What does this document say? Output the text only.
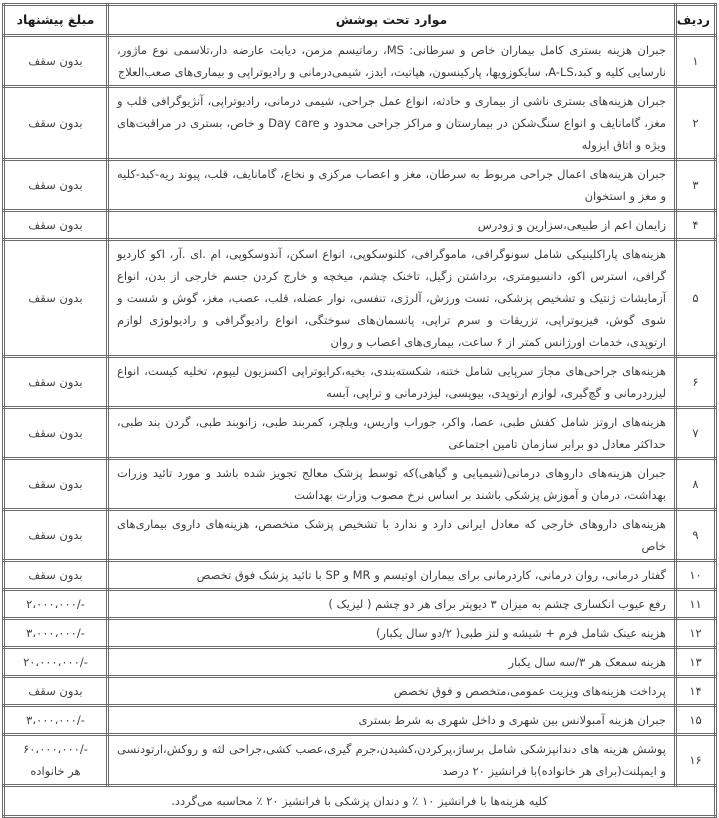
ردیف	موارد تحت پوشش	مبلغ پیشنهاد
۱	جبران هزینه بستری کامل بیماران خاص و سرطانی: MS، رماتیسم مزمن، دیابت عارضه دار،تلاسمی نوع ماژور، نارسایی کلیه و کبد،A-LS، سایکوزویها، پارکینسون، هپاتیت، ایدز، شیمی‌درمانی و رادیوتراپی و بیماری‌های صعب‌العلاج	بدون سقف
۲	جبران هزینه‌های بستری ناشی از بیماری و حادثه، انواع عمل جراحی، شیمی درمانی، رادیوتراپی، آنژیوگرافی قلب و مغز، گامانایف و انواع سنگ‌شکن در بیمارستان و مراکز جراحی محدود و Day care و خاص، بستری در مراقبت‌های ویژه و اتاق ایزوله	بدون سقف
۳	جبران هزینه‌های اعمال جراحی مربوط به سرطان، مغز و اعصاب مرکزی و نخاع، گامانایف، قلب، پیوند ریه-کبد-کلیه و مغز و استخوان	بدون سقف
۴	زایمان اعم از طبیعی،سزارین و زودرس	بدون سقف
۵	هزینه‌های پاراکلینیکی شامل سونوگرافی، ماموگرافی، کلنوسکوپی، انواع اسکن، آندوسکوپی، ام .ای .آر، اکو کاردیو گرافی، استرس اکو، دانسیومتری، برداشتن زگیل، تاخنک چشم، میخچه و خارج کردن جسم خارجی از بدن، انواع آزمایشات ژنتیک و تشخیص پزشکی، تست ورزش، آلرژی، تنفسی، نوار عضله، قلب، عصب، مغز، گوش و شست و شوی گوش، فیزیوتراپی، تزریقات و سرم تراپی، پانسمان‌های سوختگی، انواع رادیوگرافی و رادیولوژی لوازم ارتوپدی، خدمات اورژانس کمتر از ۶ ساعت، بیماری‌های اعصاب و روان	بدون سقف
۶	هزینه‌های جراحی‌های مجاز سرپایی شامل ختنه، شکسته‌بندی، بخیه،کرایوتراپی اکسزیون لیپوم، تخلیه کیست، انواع لیزردرمانی و گچ‌گیری، لوازم ارتوپدی، بیوپسی، لیزدرمانی و تراپی، آبسه	بدون سقف
۷	هزینه‌های اروتز شامل کفش طبی، عصا، واکر، جوراب واریس، ویلچر، کمربند طبی، زانوبند طبی، گردن بند طبی، حداکثر معادل دو برابر سازمان تامین اجتماعی	بدون سقف
۸	جبران هزینه‌های داروهای درمانی(شیمیایی و گیاهی)که توسط پزشک معالج تجویز شده باشد و مورد تائید وزرات بهداشت، درمان و آموزش پزشکی باشند بر اساس نرخ مصوب وزارت بهداشت	بدون سقف
۹	هزینه‌های داروهای خارجی که معادل ایرانی دارد و ندارد با تشخیص پزشک متخصص، هزینه‌های داروی بیماری‌های خاص	بدون سقف
۱۰	گفتار درمانی، روان درمانی، کاردرمانی برای بیماران اوتیسم و MR و SP با تائید پزشک فوق تخصص	بدون سقف
۱۱	رفع عیوب انکساری چشم به میزان ۳ دیوپتر برای هر دو چشم ( لیزیک )	۲،۰۰۰،۰۰۰/-
۱۲	هزینه عینک شامل فرم + شیشه و لنز طبی( ۲/دو سال یکبار)	۳،۰۰۰،۰۰۰/-
۱۳	هزینه سمعک هر ۳/سه سال یکبار	۲۰،۰۰۰،۰۰۰/-
۱۴	پرداخت هزینه‌های ویزیت عمومی،متخصص و فوق تخصص	بدون سقف
۱۵	جبران هزینه آمبولانس بین شهری و داخل شهری به شرط بستری	۳،۰۰۰،۰۰۰/-
۱۶	پوشش هزینه های دندانپزشکی شامل برساژ،پرکردن،کشیدن،جرم گیری،عصب کشی،جراحی لثه و روکش،ارتودنسی و ایمپلنت(برای هر خانواده)با فرانشیز ۲۰ درصد	۶۰،۰۰۰،۰۰۰/-
هر خانواده

کلیه هزینه‌ها با فرانشیز ۱۰ ٪ و دندان پزشکی با فرانشیز ۲۰ ٪ محاسبه می‌گردد.		
